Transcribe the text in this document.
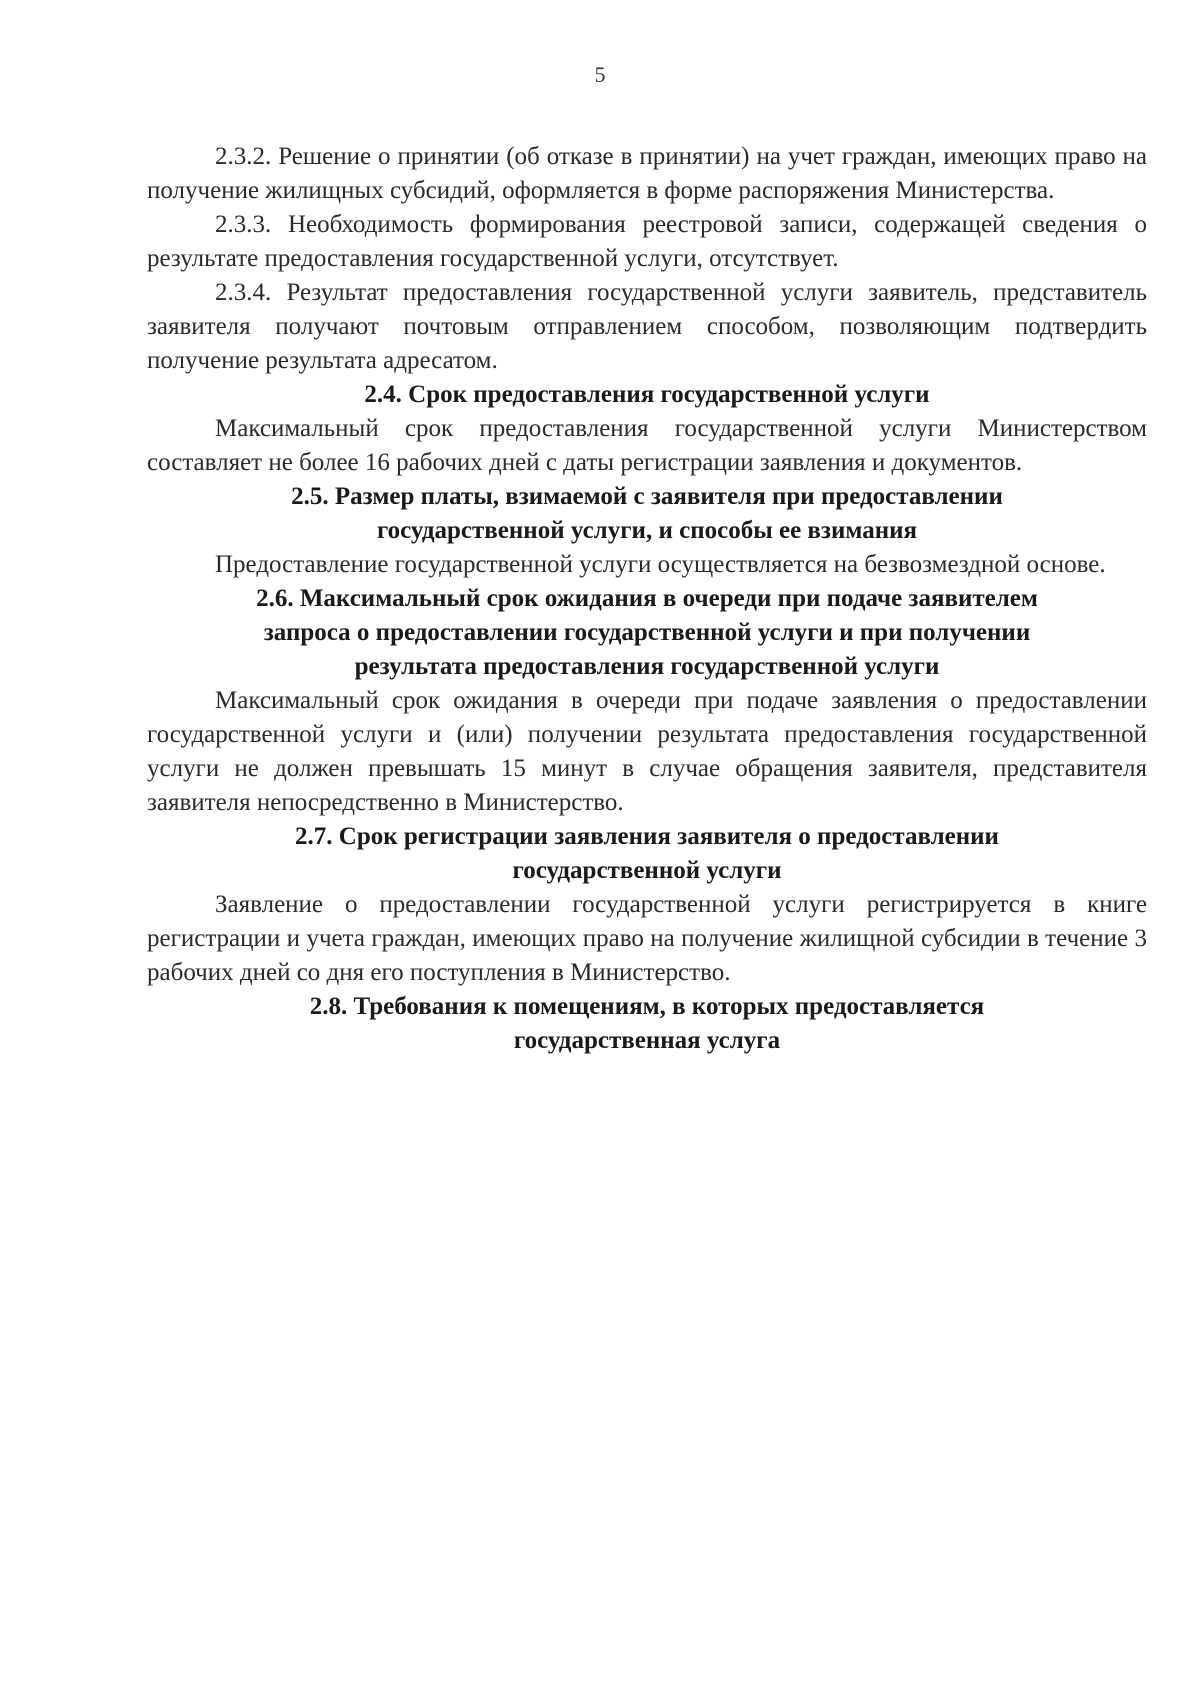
5

2.3.2. Решение о принятии (об отказе в принятии) на учет граждан, имеющих право на получение жилищных субсидий, оформляется в форме распоряжения Министерства.

2.3.3. Необходимость формирования реестровой записи, содержащей сведения о результате предоставления государственной услуги, отсутствует.

2.3.4. Результат предоставления государственной услуги заявитель, представитель заявителя получают почтовым отправлением способом, позволяющим подтвердить получение результата адресатом.

2.4. Срок предоставления государственной услуги

Максимальный срок предоставления государственной услуги Министерством составляет не более 16 рабочих дней с даты регистрации заявления и документов.

2.5. Размер платы, взимаемой с заявителя при предоставлении
государственной услуги, и способы ее взимания

Предоставление государственной услуги осуществляется на безвозмездной основе.

2.6. Максимальный срок ожидания в очереди при подаче заявителем
запроса о предоставлении государственной услуги и при получении
результата предоставления государственной услуги

Максимальный срок ожидания в очереди при подаче заявления о предоставлении государственной услуги и (или) получении результата предоставления государственной услуги не должен превышать 15 минут в случае обращения заявителя, представителя заявителя непосредственно в Министерство.

2.7. Срок регистрации заявления заявителя о предоставлении
государственной услуги

Заявление о предоставлении государственной услуги регистрируется в книге регистрации и учета граждан, имеющих право на получение жилищной субсидии в течение 3 рабочих дней со дня его поступления в Министерство.

2.8. Требования к помещениям, в которых предоставляется
государственная услуга
